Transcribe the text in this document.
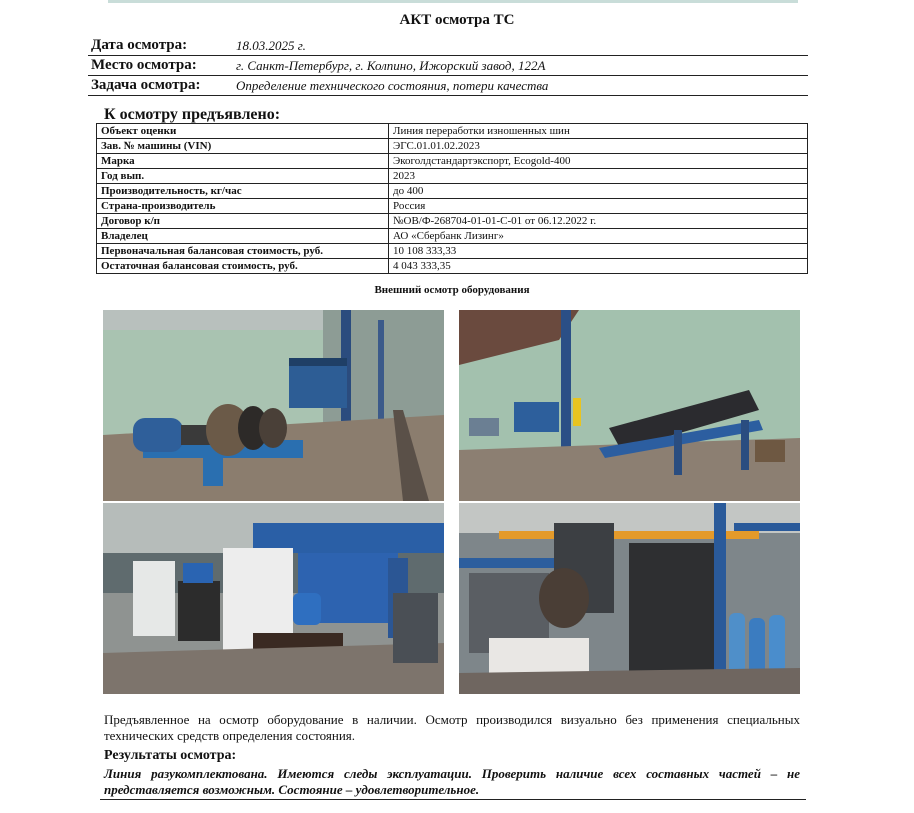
АКТ осмотра ТС
Дата осмотра:	18.03.2025 г.
Место осмотра:	г. Санкт-Петербург, г. Колпино, Ижорский завод, 122А
Задача осмотра:	Определение технического состояния, потери качества
К осмотру предъявлено:
Объект оценки	Линия переработки изношенных шин
Зав. № машины (VIN)	ЭГС.01.01.02.2023
Марка	Экоголдстандартэкспорт, Ecogold-400
Год вып.	2023
Производительность, кг/час	до 400
Страна-производитель	Россия
Договор к/п	№ОВ/Ф-268704-01-01-С-01 от 06.12.2022 г.
Владелец	АО «Сбербанк Лизинг»
Первоначальная балансовая стоимость, руб.	10 108 333,33
Остаточная балансовая стоимость, руб.	4 043 333,35
Внешний осмотр оборудования
Предъявленное на осмотр оборудование в наличии. Осмотр производился визуально без применения специальных технических средств определения состояния.
Результаты осмотра:
Линия разукомплектована. Имеются следы эксплуатации. Проверить наличие всех составных частей – не представляется возможным. Состояние – удовлетворительное.
